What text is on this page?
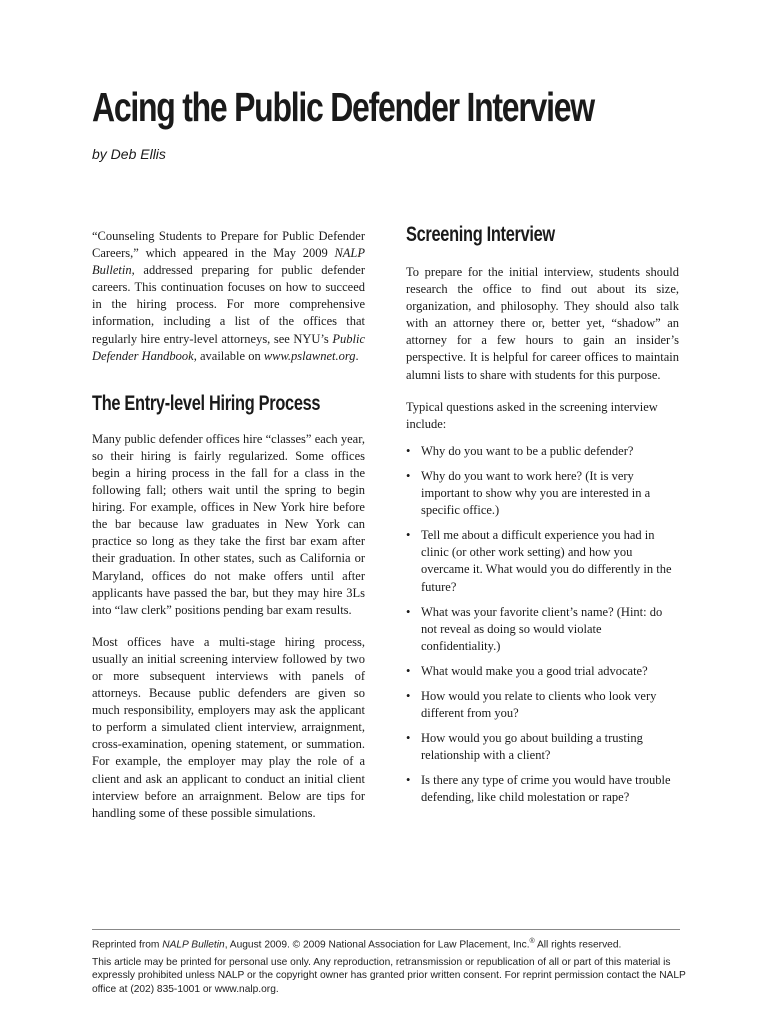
Acing the Public Defender Interview
by Deb Ellis

“Counseling Students to Prepare for Public Defender Careers,” which appeared in the May 2009 NALP Bulletin, addressed preparing for public defender careers. This continuation focuses on how to succeed in the hiring process. For more comprehensive information, including a list of the offices that regularly hire entry-level attorneys, see NYU’s Public Defender Handbook, available on www.pslawnet.org.

The Entry-level Hiring Process

Many public defender offices hire “classes” each year, so their hiring is fairly regularized. Some offices begin a hiring process in the fall for a class in the following fall; others wait until the spring to begin hiring. For example, offices in New York hire before the bar because law graduates in New York can practice so long as they take the first bar exam after their graduation. In other states, such as California or Maryland, offices do not make offers until after applicants have passed the bar, but they may hire 3Ls into “law clerk” positions pending bar exam results.

Most offices have a multi-stage hiring process, usually an initial screening interview followed by two or more subsequent interviews with panels of attorneys. Because public defenders are given so much responsibility, employers may ask the applicant to perform a simulated client interview, arraignment, cross-examination, opening statement, or summation. For example, the employer may play the role of a client and ask an applicant to conduct an initial client interview before an arraignment. Below are tips for handling some of these possible simulations.

Screening Interview

To prepare for the initial interview, students should research the office to find out about its size, organization, and philosophy. They should also talk with an attorney there or, better yet, “shadow” an attorney for a few hours to gain an insider’s perspective. It is helpful for career offices to maintain alumni lists to share with students for this purpose.

Typical questions asked in the screening interview include:

• Why do you want to be a public defender?
• Why do you want to work here? (It is very important to show why you are interested in a specific office.)
• Tell me about a difficult experience you had in clinic (or other work setting) and how you overcame it. What would you do differently in the future?
• What was your favorite client’s name? (Hint: do not reveal as doing so would violate confidentiality.)
• What would make you a good trial advocate?
• How would you relate to clients who look very different from you?
• How would you go about building a trusting relationship with a client?
• Is there any type of crime you would have trouble defending, like child molestation or rape?

Reprinted from NALP Bulletin, August 2009. © 2009 National Association for Law Placement, Inc.® All rights reserved.

This article may be printed for personal use only. Any reproduction, retransmission or republication of all or part of this material is expressly prohibited unless NALP or the copyright owner has granted prior written consent. For reprint permission contact the NALP office at (202) 835-1001 or www.nalp.org.
